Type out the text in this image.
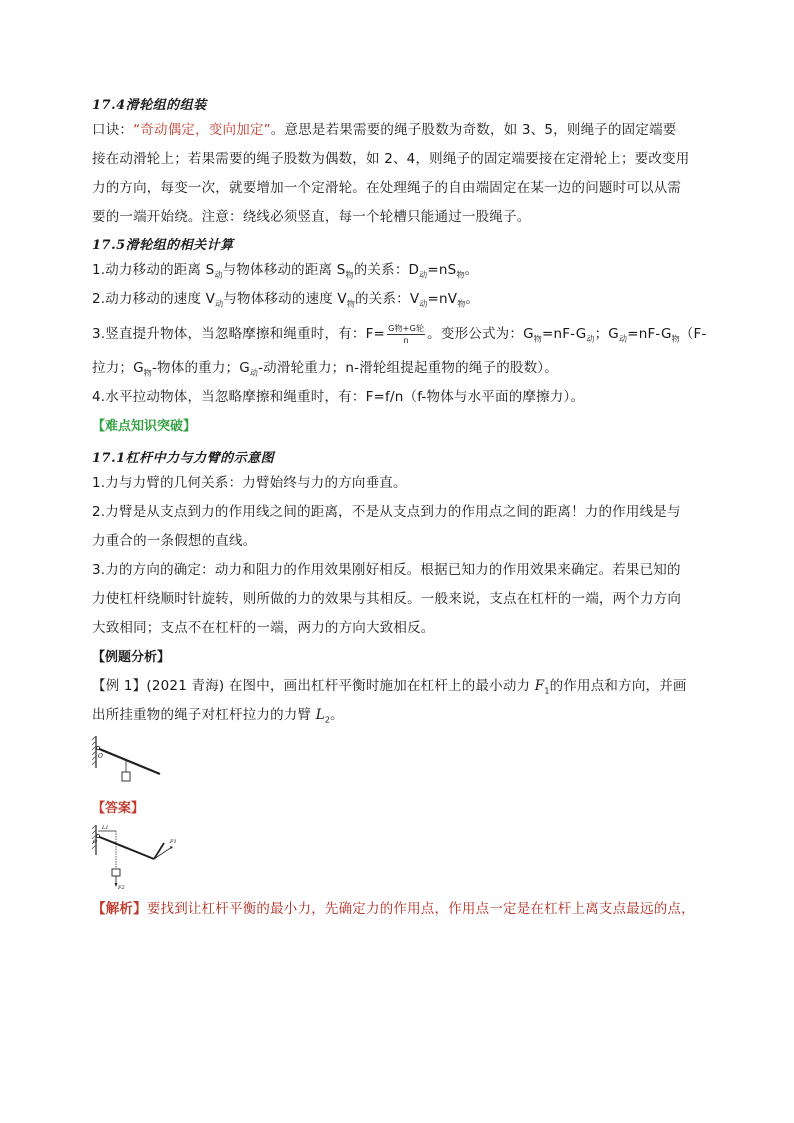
17.4滑轮组的组装
口诀：“奇动偶定，变向加定”。意思是若果需要的绳子股数为奇数，如 3、5，则绳子的固定端要
接在动滑轮上；若果需要的绳子股数为偶数，如 2、4，则绳子的固定端要接在定滑轮上；要改变用
力的方向，每变一次，就要增加一个定滑轮。在处理绳子的自由端固定在某一边的问题时可以从需
要的一端开始绕。注意：绕线必须竖直，每一个轮槽只能通过一股绳子。
17.5滑轮组的相关计算
1.动力移动的距离 $S_动$与物体移动的距离 $S_物$的关系：$D_动=nS_物$。
2.动力移动的速度 $V_动$与物体移动的速度 $V_物$的关系：$V_动=nV_物$。
3.竖直提升物体，当忽略摩擦和绳重时，有：$F= \frac{\text{G物+G轮}}{n}$ 。变形公式为：$G_物=nF-G_动$；$G_动=nF-G_物(F-$
拉力；$G_物-$物体的重力；$G_动-$动滑轮重力；n-滑轮组提起重物的绳子的股数）。
4.水平拉动物体，当忽略摩擦和绳重时，有：F=f/n（f-物体与水平面的摩擦力）。
【难点知识突破】
17.1杠杆中力与力臂的示意图
1.力与力臂的几何关系：力臂始终与力的方向垂直。
2.力臂是从支点到力的作用线之间的距离，不是从支点到力的作用点之间的距离！力的作用线是与
力重合的一条假想的直线。
3.力的方向的确定：动力和阻力的作用效果刚好相反。根据已知力的作用效果来确定。若果已知的
力使杠杆绕顺时针旋转，则所做的力的效果与其相反。一般来说，支点在杠杆的一端，两个力方向
大致相同；支点不在杠杆的一端，两力的方向大致相反。
【例题分析】
【例 1】(2021 青海) 在图中，画出杠杆平衡时施加在杠杆上的最小动力 $F_1$的作用点和方向，并画
出所挂重物的绳子对杠杆拉力的力臂 $L_2$。
O
【答案】
O
L1
F2
F1
【解析】要找到让杠杆平衡的最小力，先确定力的作用点，作用点一定是在杠杆上离支点最远的点，
